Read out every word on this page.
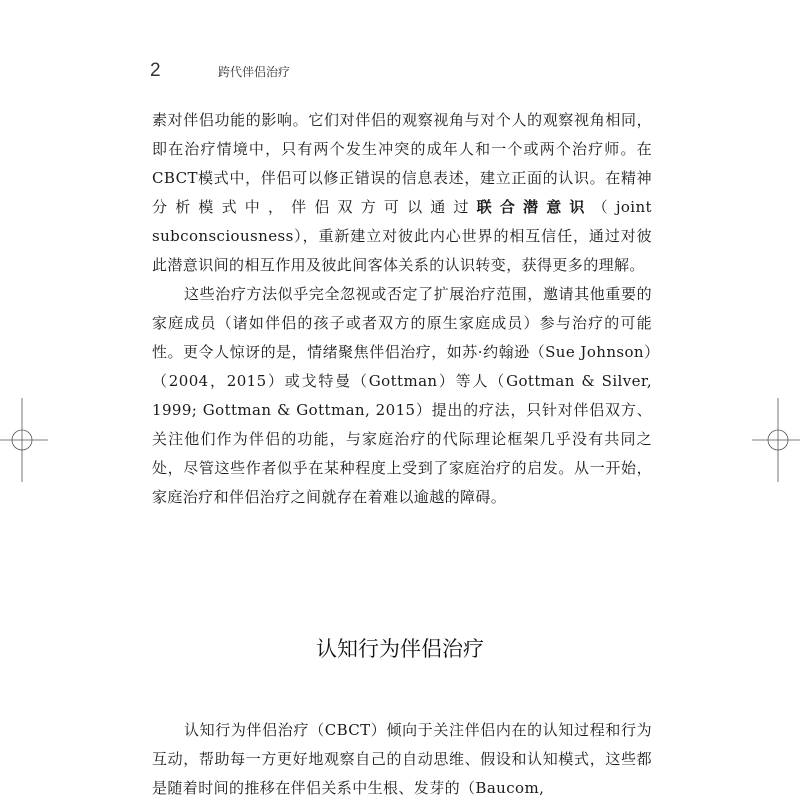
2	跨代伴侣治疗

素对伴侣功能的影响。它们对伴侣的观察视角与对个人的观察视角相同，即在治疗情境中，只有两个发生冲突的成年人和一个或两个治疗师。在CBCT模式中，伴侣可以修正错误的信息表述，建立正面的认识。在精神分析模式中，伴侣双方可以通过联合潜意识（joint subconsciousness），重新建立对彼此内心世界的相互信任，通过对彼此潜意识间的相互作用及彼此间客体关系的认识转变，获得更多的理解。

这些治疗方法似乎完全忽视或否定了扩展治疗范围，邀请其他重要的家庭成员（诸如伴侣的孩子或者双方的原生家庭成员）参与治疗的可能性。更令人惊讶的是，情绪聚焦伴侣治疗，如苏·约翰逊（Sue Johnson）（2004，2015）或戈特曼（Gottman）等人（Gottman & Silver, 1999; Gottman & Gottman, 2015）提出的疗法，只针对伴侣双方、关注他们作为伴侣的功能，与家庭治疗的代际理论框架几乎没有共同之处，尽管这些作者似乎在某种程度上受到了家庭治疗的启发。从一开始，家庭治疗和伴侣治疗之间就存在着难以逾越的障碍。

认知行为伴侣治疗

认知行为伴侣治疗（CBCT）倾向于关注伴侣内在的认知过程和行为互动，帮助每一方更好地观察自己的自动思维、假设和认知模式，这些都是随着时间的推移在伴侣关系中生根、发芽的（Baucom,
